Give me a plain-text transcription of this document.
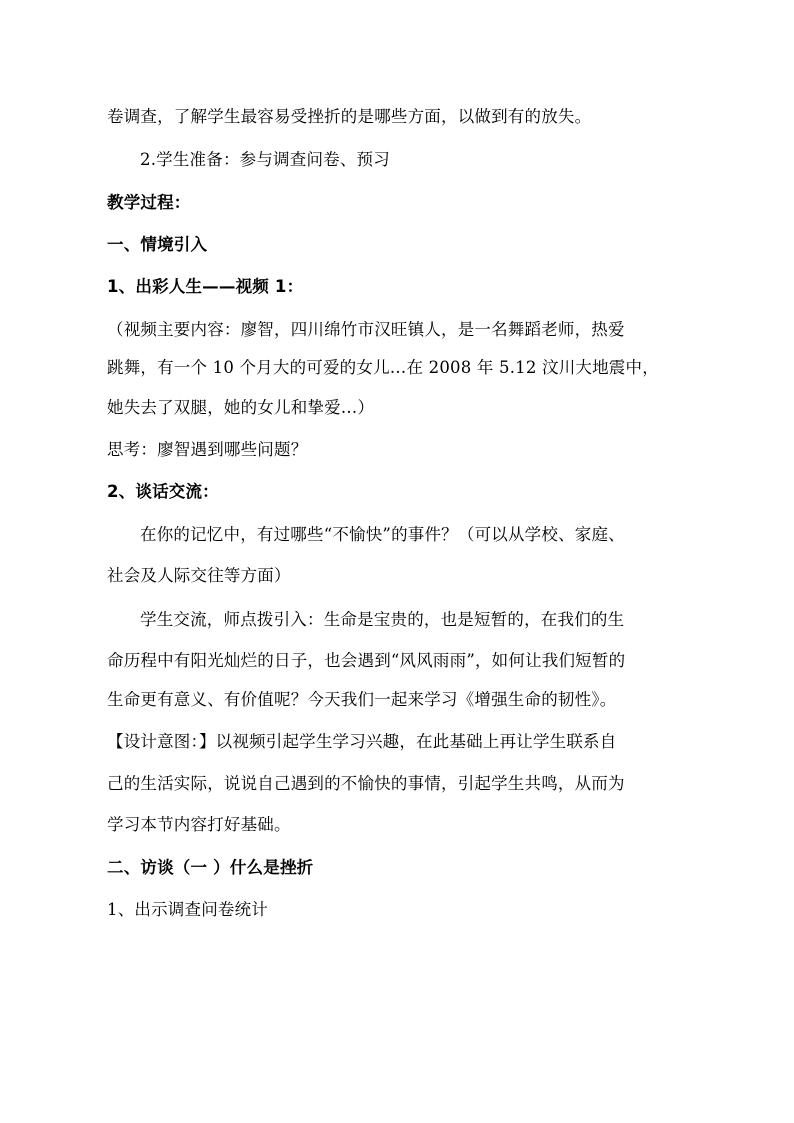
卷调查，了解学生最容易受挫折的是哪些方面，以做到有的放失。
2.学生准备：参与调查问卷、预习
教学过程：
一、情境引入
1、出彩人生——视频 1：
（视频主要内容：廖智，四川绵竹市汉旺镇人，是一名舞蹈老师，热爱
跳舞，有一个 10 个月大的可爱的女儿…在 2008 年 5.12 汶川大地震中，
她失去了双腿，她的女儿和挚爱…）
思考：廖智遇到哪些问题？
2、谈话交流：
在你的记忆中，有过哪些“不愉快”的事件？（可以从学校、家庭、
社会及人际交往等方面）
学生交流，师点拨引入：生命是宝贵的，也是短暂的，在我们的生
命历程中有阳光灿烂的日子，也会遇到“风风雨雨”，如何让我们短暂的
生命更有意义、有价值呢？今天我们一起来学习《增强生命的韧性》。
【设计意图：】以视频引起学生学习兴趣，在此基础上再让学生联系自
己的生活实际，说说自己遇到的不愉快的事情，引起学生共鸣，从而为
学习本节内容打好基础。
二、访谈（一 ）什么是挫折
1、出示调查问卷统计
